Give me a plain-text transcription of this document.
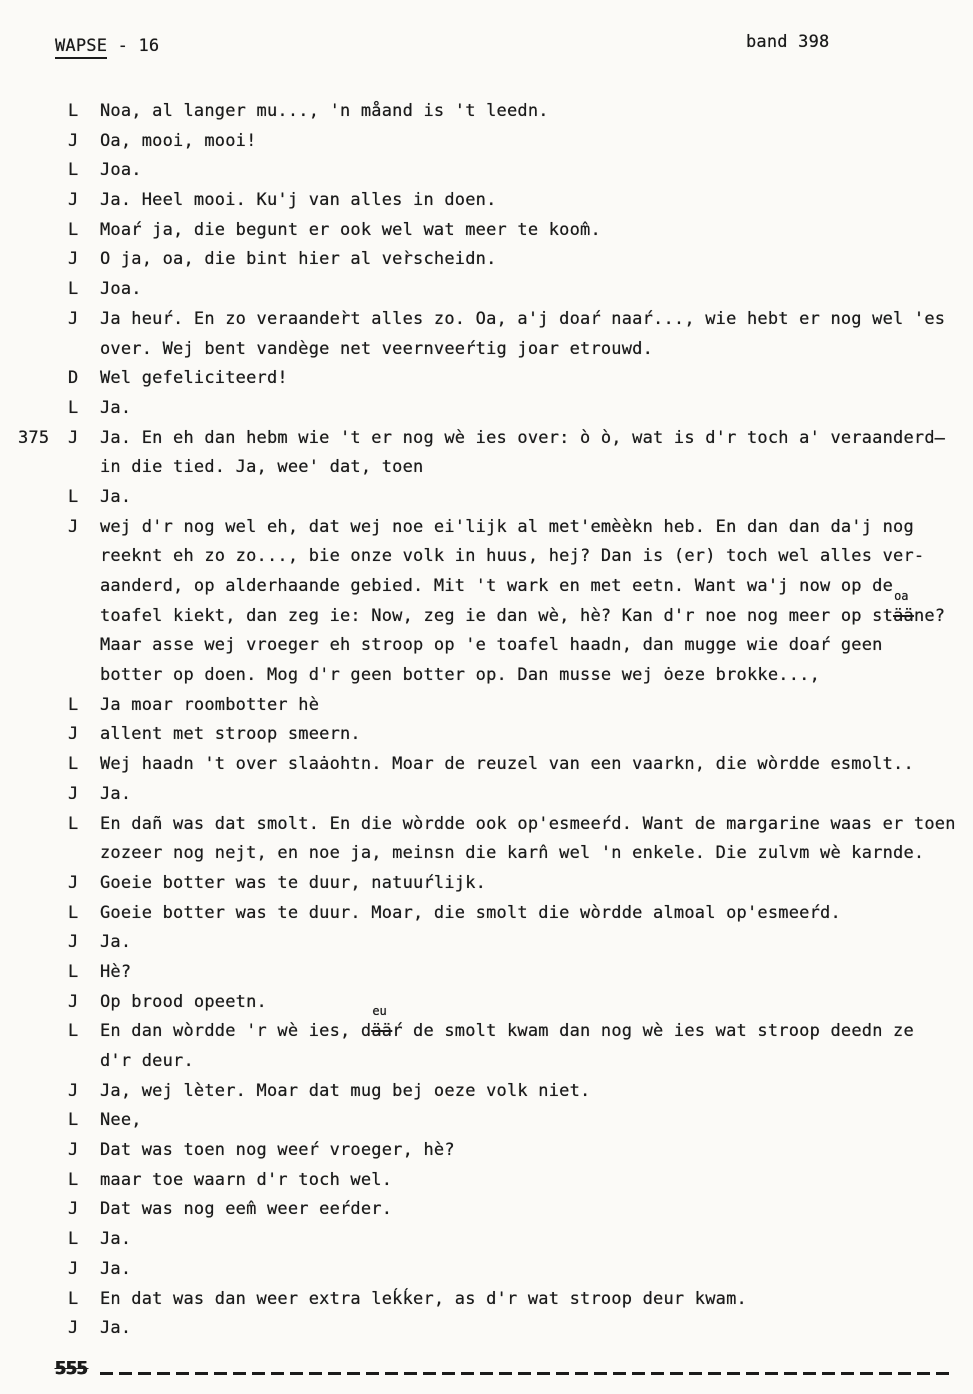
WAPSE - 16	band 398
L Noa, al langer mu..., 'n måand is 't leedn.
J Oa, mooi, mooi!
L Joa.
J Ja. Heel mooi. Ku'j van alles in doen.
L Moaŕ ja, die begunt er ook wel wat meer te koom̂.
J O ja, oa, die bint hier al ver̀scheidn.
L Joa.
J Ja heuŕ. En zo veraander̀t alles zo. Oa, a'j doaŕ naaŕ..., wie hebt er nog wel 'es
over. Wej bent vandège net veernveeŕtig joar etrouwd.
D Wel gefeliciteerd!
L Ja.
375 J Ja. En eh dan hebm wie 't er nog wè ies over: ò ò, wat is d'r toch a' veraanderd̶
in die tied. Ja, wee' dat, toen
L Ja.
J wej d'r nog wel eh, dat wej noe ei'lijk al met'emèèkn heb. En dan dan da'j nog
reeknt eh zo zo..., bie onze volk in huus, hej? Dan is (er) toch wel alles ver-
aanderd, op alderhaande gebied. Mit 't wark en met eetn. Want wa'j now op de
toafel kiekt, dan zeg ie: Now, zeg ie dan wè, hè? Kan d'r noe nog meer op st
oa
ääne?
Maar asse wej vroeger eh stroop op 'e toafel haadn, dan mugge wie doaŕ geen
botter op doen. Mog d'r geen botter op. Dan musse wej ȯeze brokke...,
L Ja moar roombotter hè
J allent met stroop smeern.
L Wej haadn 't over slaȧohtn. Moar de reuzel van een vaarkn, die wòrdde esmolt..
J Ja.
L En dañ was dat smolt. En die wòrdde ook op'esmeeŕd. Want de margarine waas er toen
zozeer nog nejt, en noe ja, meinsn die karn̂ wel 'n enkele. Die zulvm wè karnde.
J Goeie botter was te duur, natuuŕlijk.
L Goeie botter was te duur. Moar, die smolt die wòrdde almoal op'esmeeŕd.
J Ja.
L Hè?
J Op brood opeetn.
L En dan wòrdde 'r wè ies, d
eu
ääŕ de smolt kwam dan nog wè ies wat stroop deedn ze
d'r deur.
J Ja, wej lèter. Moar dat mug bej oeze volk niet.
L Nee,
J Dat was toen nog weeŕ vroeger, hè?
L maar toe waarn d'r toch wel.
J Dat was nog eem̂ weer eeŕder.
L Ja.
J Ja.
L En dat was dan weer extra leḱḱer, as d'r wat stroop deur kwam.
J Ja.
555
